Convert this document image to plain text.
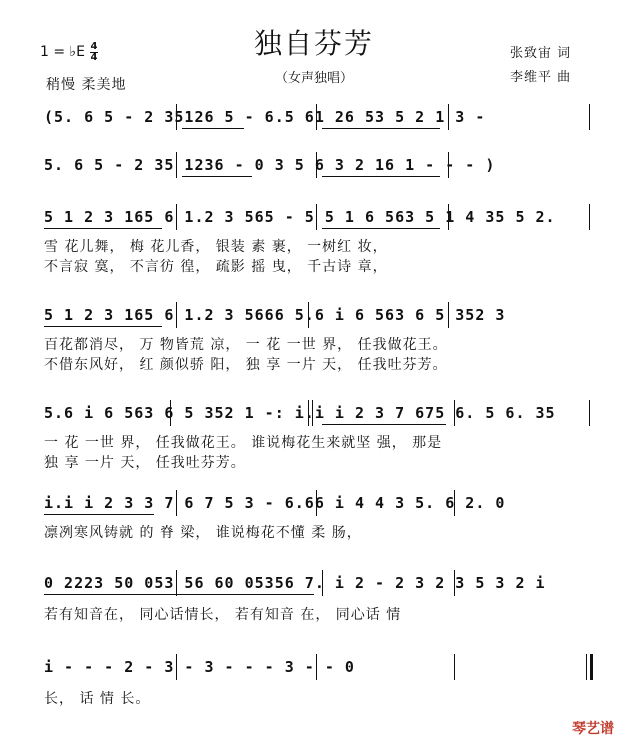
独自芬芳
（女声独唱）
1 = ♭E 4
4
稍慢 柔美地
张致宙 词
李维平 曲
(5. 6 5 - 2 35126 5 - 6.5 61 26 53 5 2 1 3 -
5. 6 5 - 2 35 1236 - 0 3 5 6 3 2 16 1 - - - )
5 1 2 3 165 6 1.2 3 565 - 5 5 1 6 563 5 1 4 35 5 2.
雪 花儿舞， 梅 花儿香， 银装 素 裹， 一树红 妆，
不言寂 寞， 不言彷 徨， 疏影 摇 曳， 千古诗 章，
5 1 2 3 165 6 1.2 3 5666 5.6 i 6 563 6 5 352 3
百花都消尽， 万 物皆荒 凉， 一 花 一世 界， 任我做花王。
不借东风好， 红 颜似骄 阳， 独 享 一片 天， 任我吐芬芳。
5.6 i 6 563 6 5 352 1 -: i.i i 2 3 7 675 6. 5 6. 35
一 花 一世 界， 任我做花王。 谁说梅花生来就坚 强， 那是
独 享 一片 天， 任我吐芬芳。
i.i i 2 3 3 7 6 7 5 3 - 6.66 i 4 4 3 5. 6 2. 0
凛冽寒风铸就 的 脊 梁， 谁说梅花不懂 柔 肠，
0 2223 50 053 56 60 05356 7. i 2 - 2 3 2 3 5 3 2 i
若有知音在， 同心话情长， 若有知音 在， 同心话 情
i - - - 2 - 3 - 3 - - - 3 - - 0
长， 话 情 长。
琴艺谱
